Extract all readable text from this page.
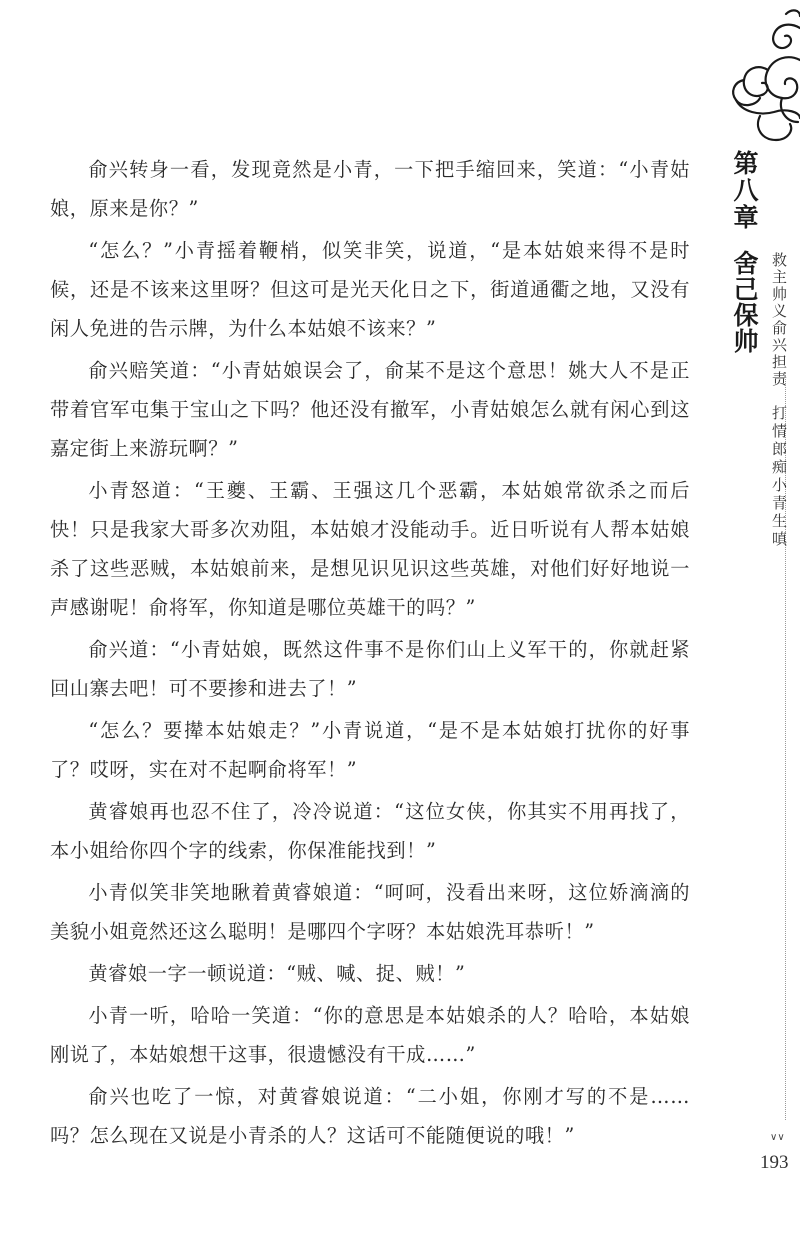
俞兴转身一看，发现竟然是小青，一下把手缩回来，笑道：“小青姑娘，原来是你？”

“怎么？”小青摇着鞭梢，似笑非笑，说道，“是本姑娘来得不是时候，还是不该来这里呀？但这可是光天化日之下，街道通衢之地，又没有闲人免进的告示牌，为什么本姑娘不该来？”

俞兴赔笑道：“小青姑娘误会了，俞某不是这个意思！姚大人不是正带着官军屯集于宝山之下吗？他还没有撤军，小青姑娘怎么就有闲心到这嘉定街上来游玩啊？”

小青怒道：“王夔、王霸、王强这几个恶霸，本姑娘常欲杀之而后快！只是我家大哥多次劝阻，本姑娘才没能动手。近日听说有人帮本姑娘杀了这些恶贼，本姑娘前来，是想见识见识这些英雄，对他们好好地说一声感谢呢！俞将军，你知道是哪位英雄干的吗？”

俞兴道：“小青姑娘，既然这件事不是你们山上义军干的，你就赶紧回山寨去吧！可不要掺和进去了！”

“怎么？要撵本姑娘走？”小青说道，“是不是本姑娘打扰你的好事了？哎呀，实在对不起啊俞将军！”

黄睿娘再也忍不住了，冷冷说道：“这位女侠，你其实不用再找了，本小姐给你四个字的线索，你保准能找到！”

小青似笑非笑地瞅着黄睿娘道：“呵呵，没看出来呀，这位娇滴滴的美貌小姐竟然还这么聪明！是哪四个字呀？本姑娘洗耳恭听！”

黄睿娘一字一顿说道：“贼、喊、捉、贼！”

小青一听，哈哈一笑道：“你的意思是本姑娘杀的人？哈哈，本姑娘刚说了，本姑娘想干这事，很遗憾没有干成……”

俞兴也吃了一惊，对黄睿娘说道：“二小姐，你刚才写的不是……吗？怎么现在又说是小青杀的人？这话可不能随便说的哦！”

第八章
舍己保帅 救主帅义俞兴担责
打情郎痴小青生嗔
∨∨
193
